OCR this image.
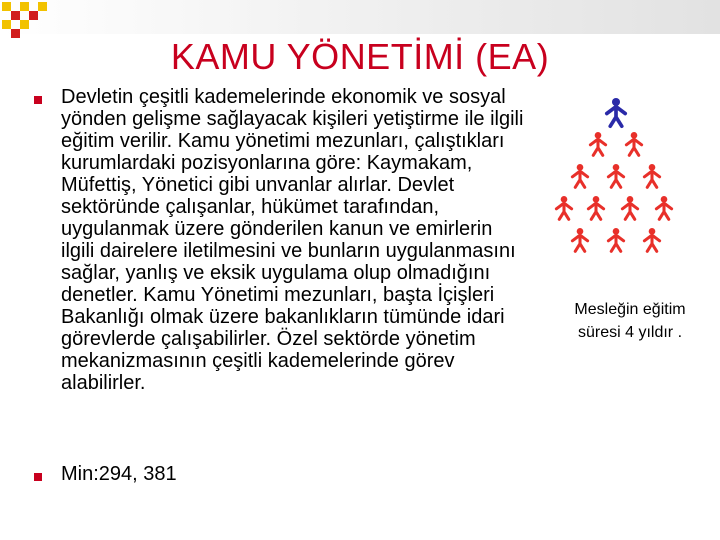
KAMU YÖNETİMİ (EA)
Devletin çeşitli kademelerinde ekonomik ve sosyal yönden gelişme sağlayacak kişileri yetiştirme ile ilgili eğitim verilir. Kamu yönetimi mezunları, çalıştıkları kurumlardaki pozisyonlarına göre: Kaymakam, Müfettiş, Yönetici gibi unvanlar alırlar. Devlet sektöründe çalışanlar, hükümet tarafından, uygulanmak üzere gönderilen kanun ve emirlerin ilgili dairelere iletilmesini ve bunların uygulanmasını sağlar, yanlış ve eksik uygulama olup olmadığını denetler. Kamu Yönetimi mezunları, başta İçişleri Bakanlığı olmak üzere bakanlıkların tümünde idari görevlerde çalışabilirler. Özel sektörde yönetim mekanizmasının çeşitli kademelerinde görev alabilirler.
Min:294, 381
Mesleğin eğitim
süresi 4 yıldır .
